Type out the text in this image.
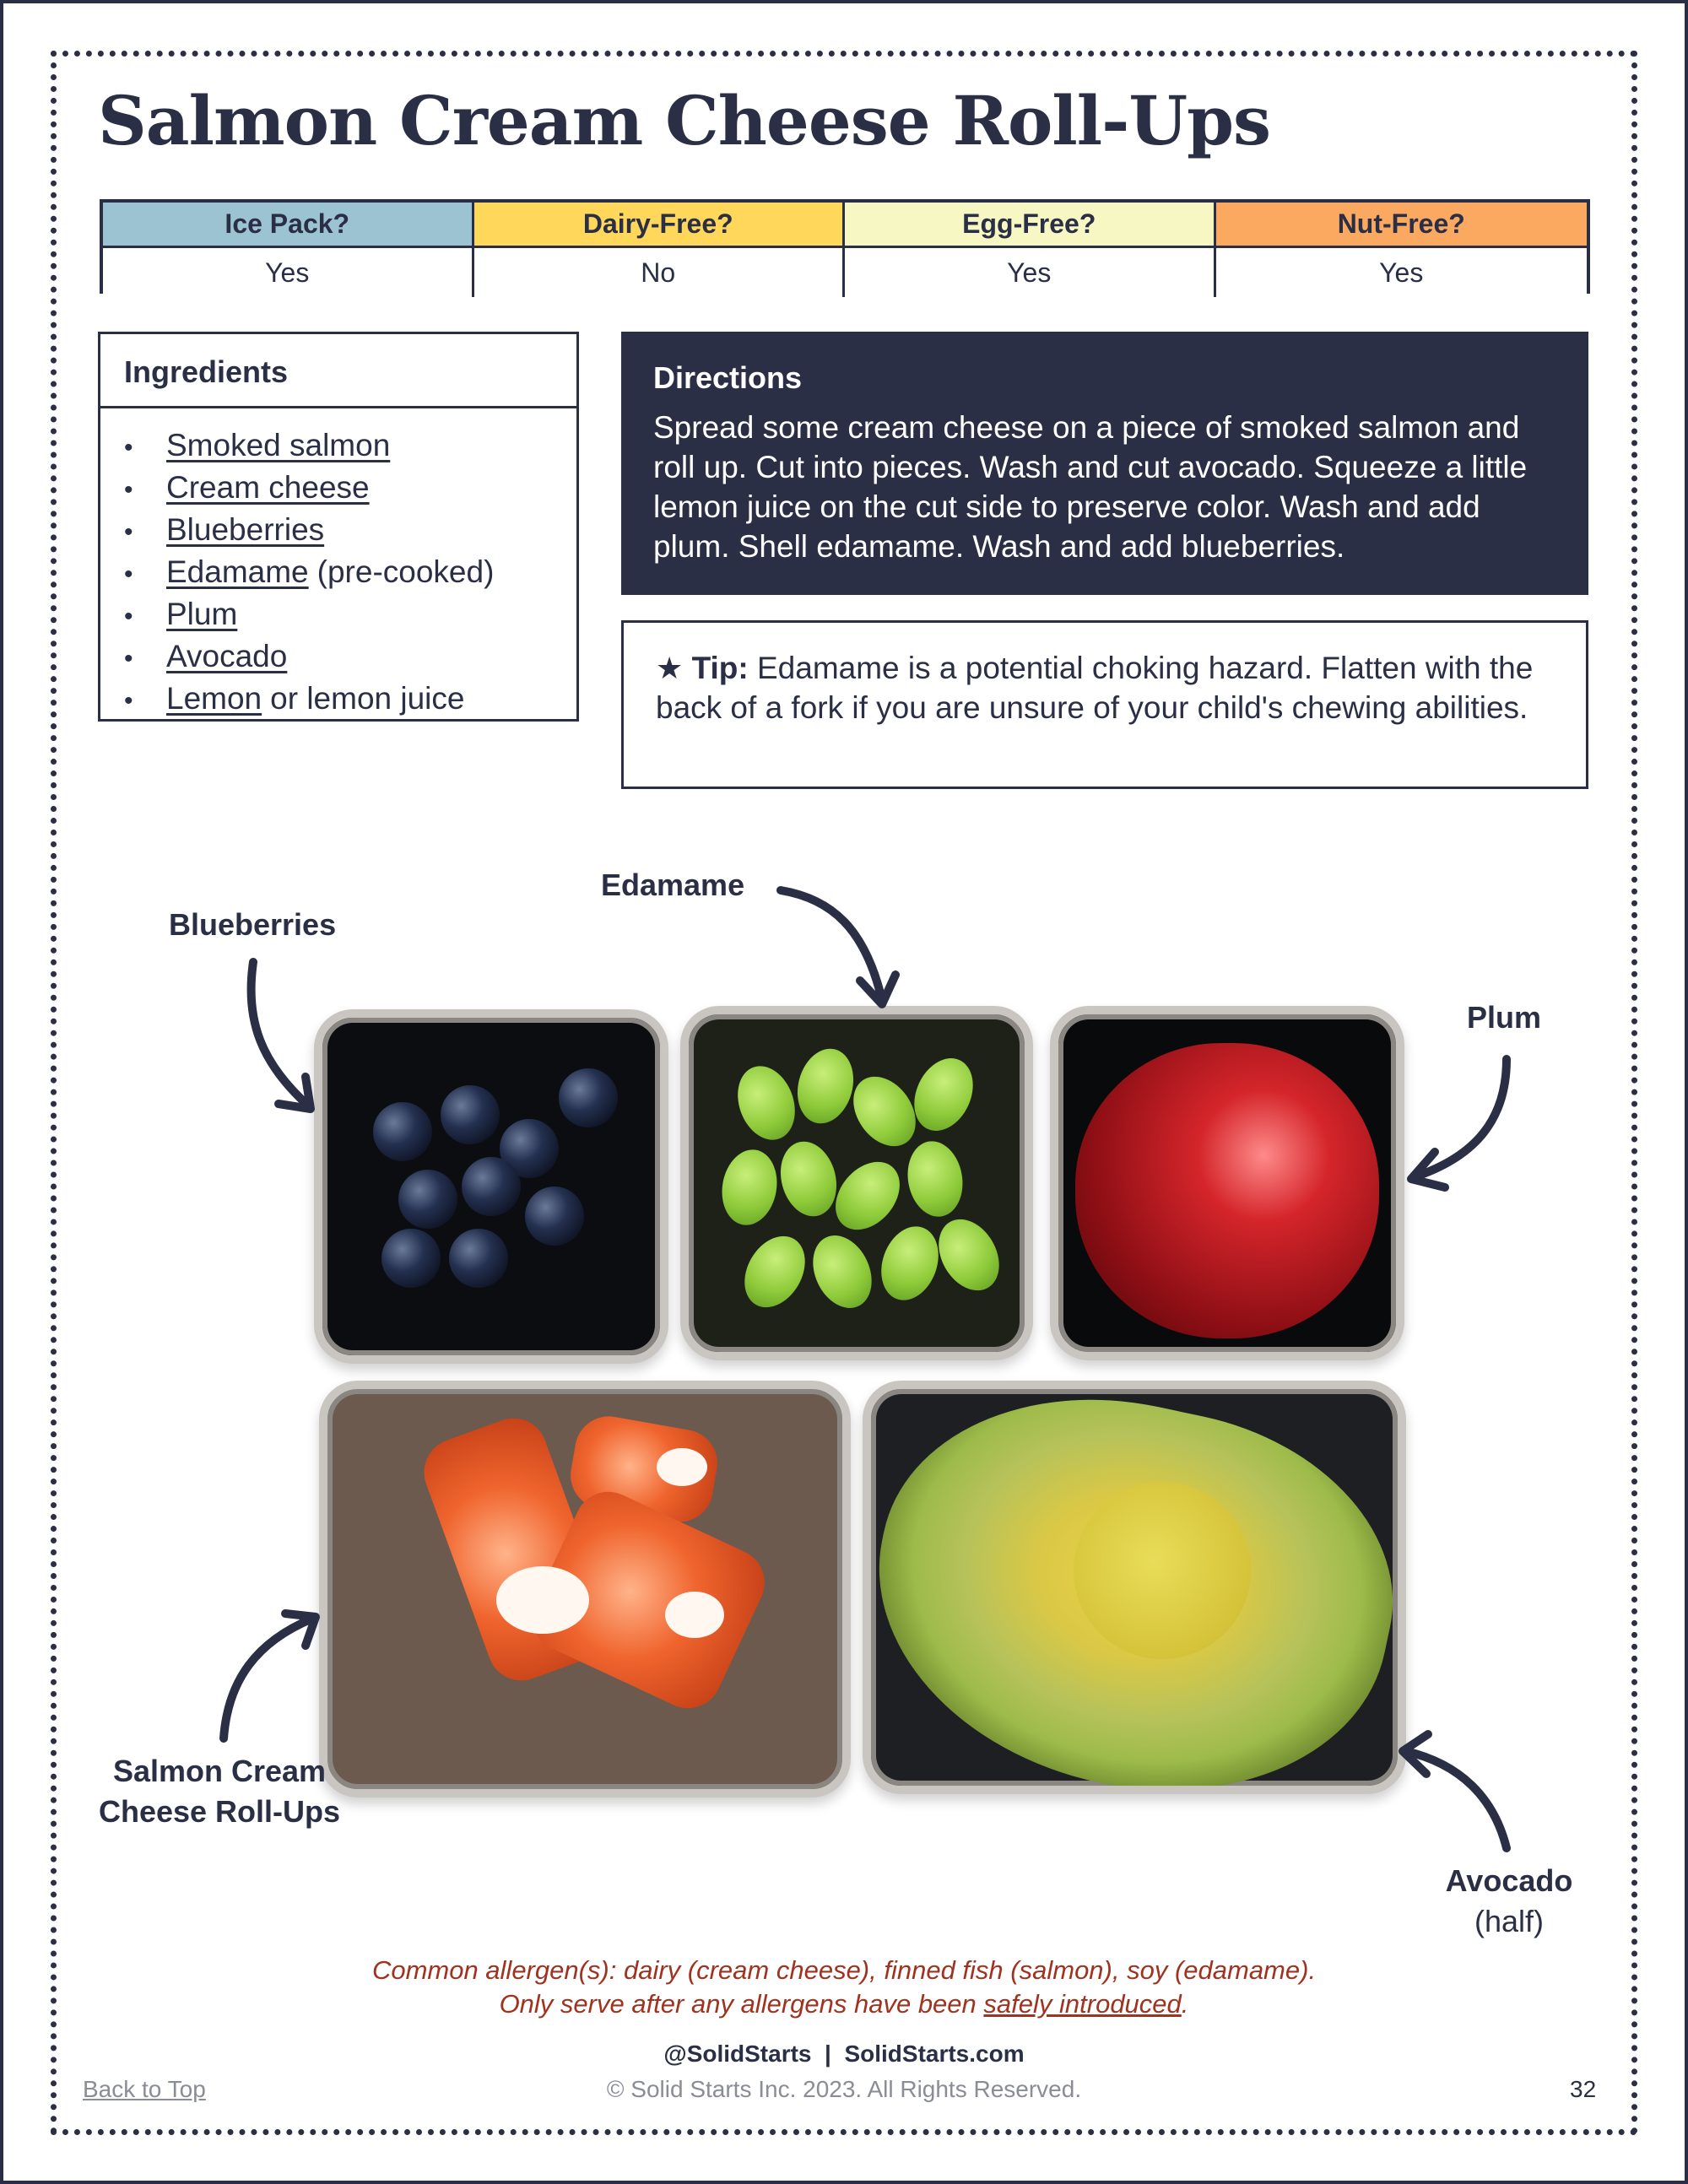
Salmon Cream Cheese Roll-Ups
Ice Pack?	Dairy-Free?	Egg-Free?	Nut-Free?
Yes	No	Yes	Yes
Ingredients
•	Smoked salmon
•	Cream cheese
•	Blueberries
•	Edamame (pre-cooked)
•	Plum
•	Avocado
•	Lemon or lemon juice
Directions
Spread some cream cheese on a piece of smoked salmon and roll up. Cut into pieces. Wash and cut avocado. Squeeze a little lemon juice on the cut side to preserve color. Wash and add plum. Shell edamame. Wash and add blueberries.
★ Tip: Edamame is a potential choking hazard. Flatten with the back of a fork if you are unsure of your child's chewing abilities.
Blueberries
Edamame
Plum
Salmon Cream
Cheese Roll-Ups
Avocado
(half)
Common allergen(s): dairy (cream cheese), finned fish (salmon), soy (edamame).
Only serve after any allergens have been safely introduced.
@SolidStarts  |  SolidStarts.com
© Solid Starts Inc. 2023. All Rights Reserved.
Back to Top	32
